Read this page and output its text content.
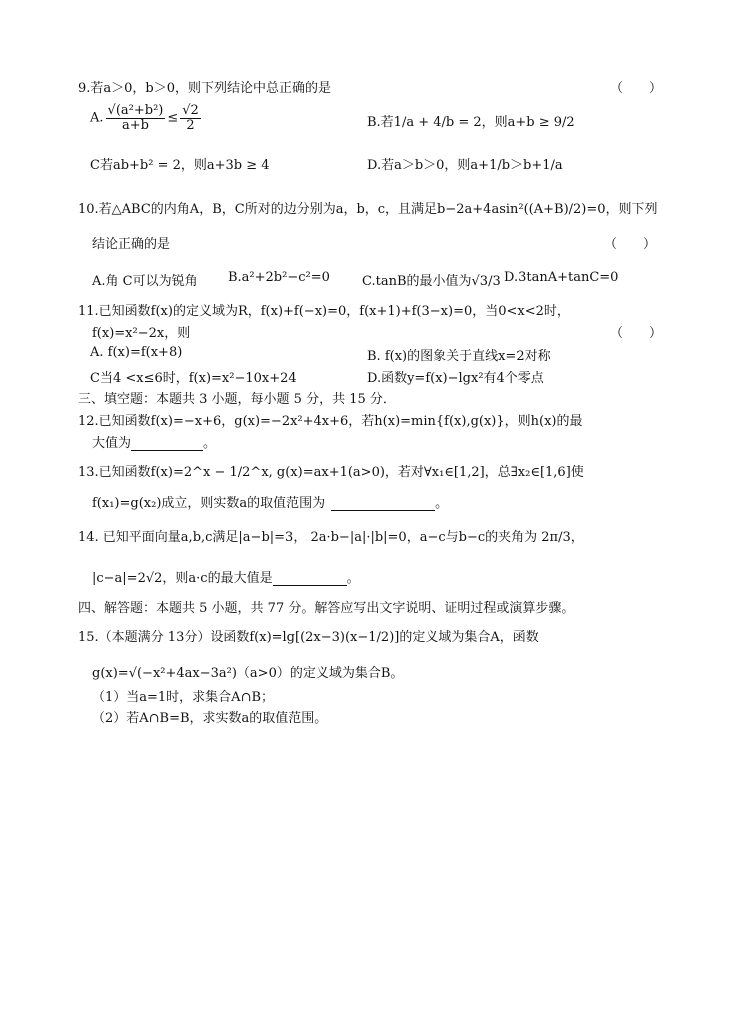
9.若a＞0，b＞0，则下列结论中总正确的是	（　　）
A. $\frac{\text{√(a²+b²)}}{a+b} \le \frac{√2}{2}$	B.若1/a + 4/b = 2，则a+b ≥ 9/2
C若ab+b² = 2，则a+3b ≥ 4	D.若a＞b＞0，则a+1/b＞b+1/a
10.若△ABC的内角A，B，C所对的边分别为a，b，c，且满足b−2a+4asin²((A+B)/2)=0，则下列
结论正确的是	（　　）
A.角 C可以为锐角 B.a²+2b²−c²=0 C.tanB的最小值为√3/3 D.3tanA+tanC=0
11.已知函数f(x)的定义域为R，f(x)+f(−x)=0，f(x+1)+f(3−x)=0，当0<x<2时，
f(x)=x²−2x，则	（　　）
A. f(x)=f(x+8)	B. f(x)的图象关于直线x=2对称
C当4 <x≤6时，f(x)=x²−10x+24	D.函数y=f(x)−lgx²有4个零点
三、填空题：本题共 3 小题，每小题 5 分，共 15 分．
12.已知函数f(x)=−x+6，g(x)=−2x²+4x+6，若h(x)=min{f(x),g(x)}，则h(x)的最
大值为	。
13.已知函数f(x)=2^x − 1/2^x, g(x)=ax+1(a>0)，若对∀x₁∈[1,2]，总∃x₂∈[1,6]使
f(x₁)=g(x₂)成立，则实数a的取值范围为	。
14. 已知平面向量a,b,c满足|a−b|=3， 2a·b−|a|·|b|=0，a−c与b−c的夹角为 2π/3，
|c−a|=2√2，则a·c的最大值是	。
四、解答题：本题共 5 小题，共 77 分。解答应写出文字说明、证明过程或演算步骤。
15.（本题满分 13分）设函数f(x)=lg[(2x−3)(x−1/2)]的定义域为集合A，函数
g(x)=√(−x²+4ax−3a²)（a>0）的定义域为集合B。
（1）当a=1时，求集合A∩B；
（2）若A∩B=B，求实数a的取值范围。
